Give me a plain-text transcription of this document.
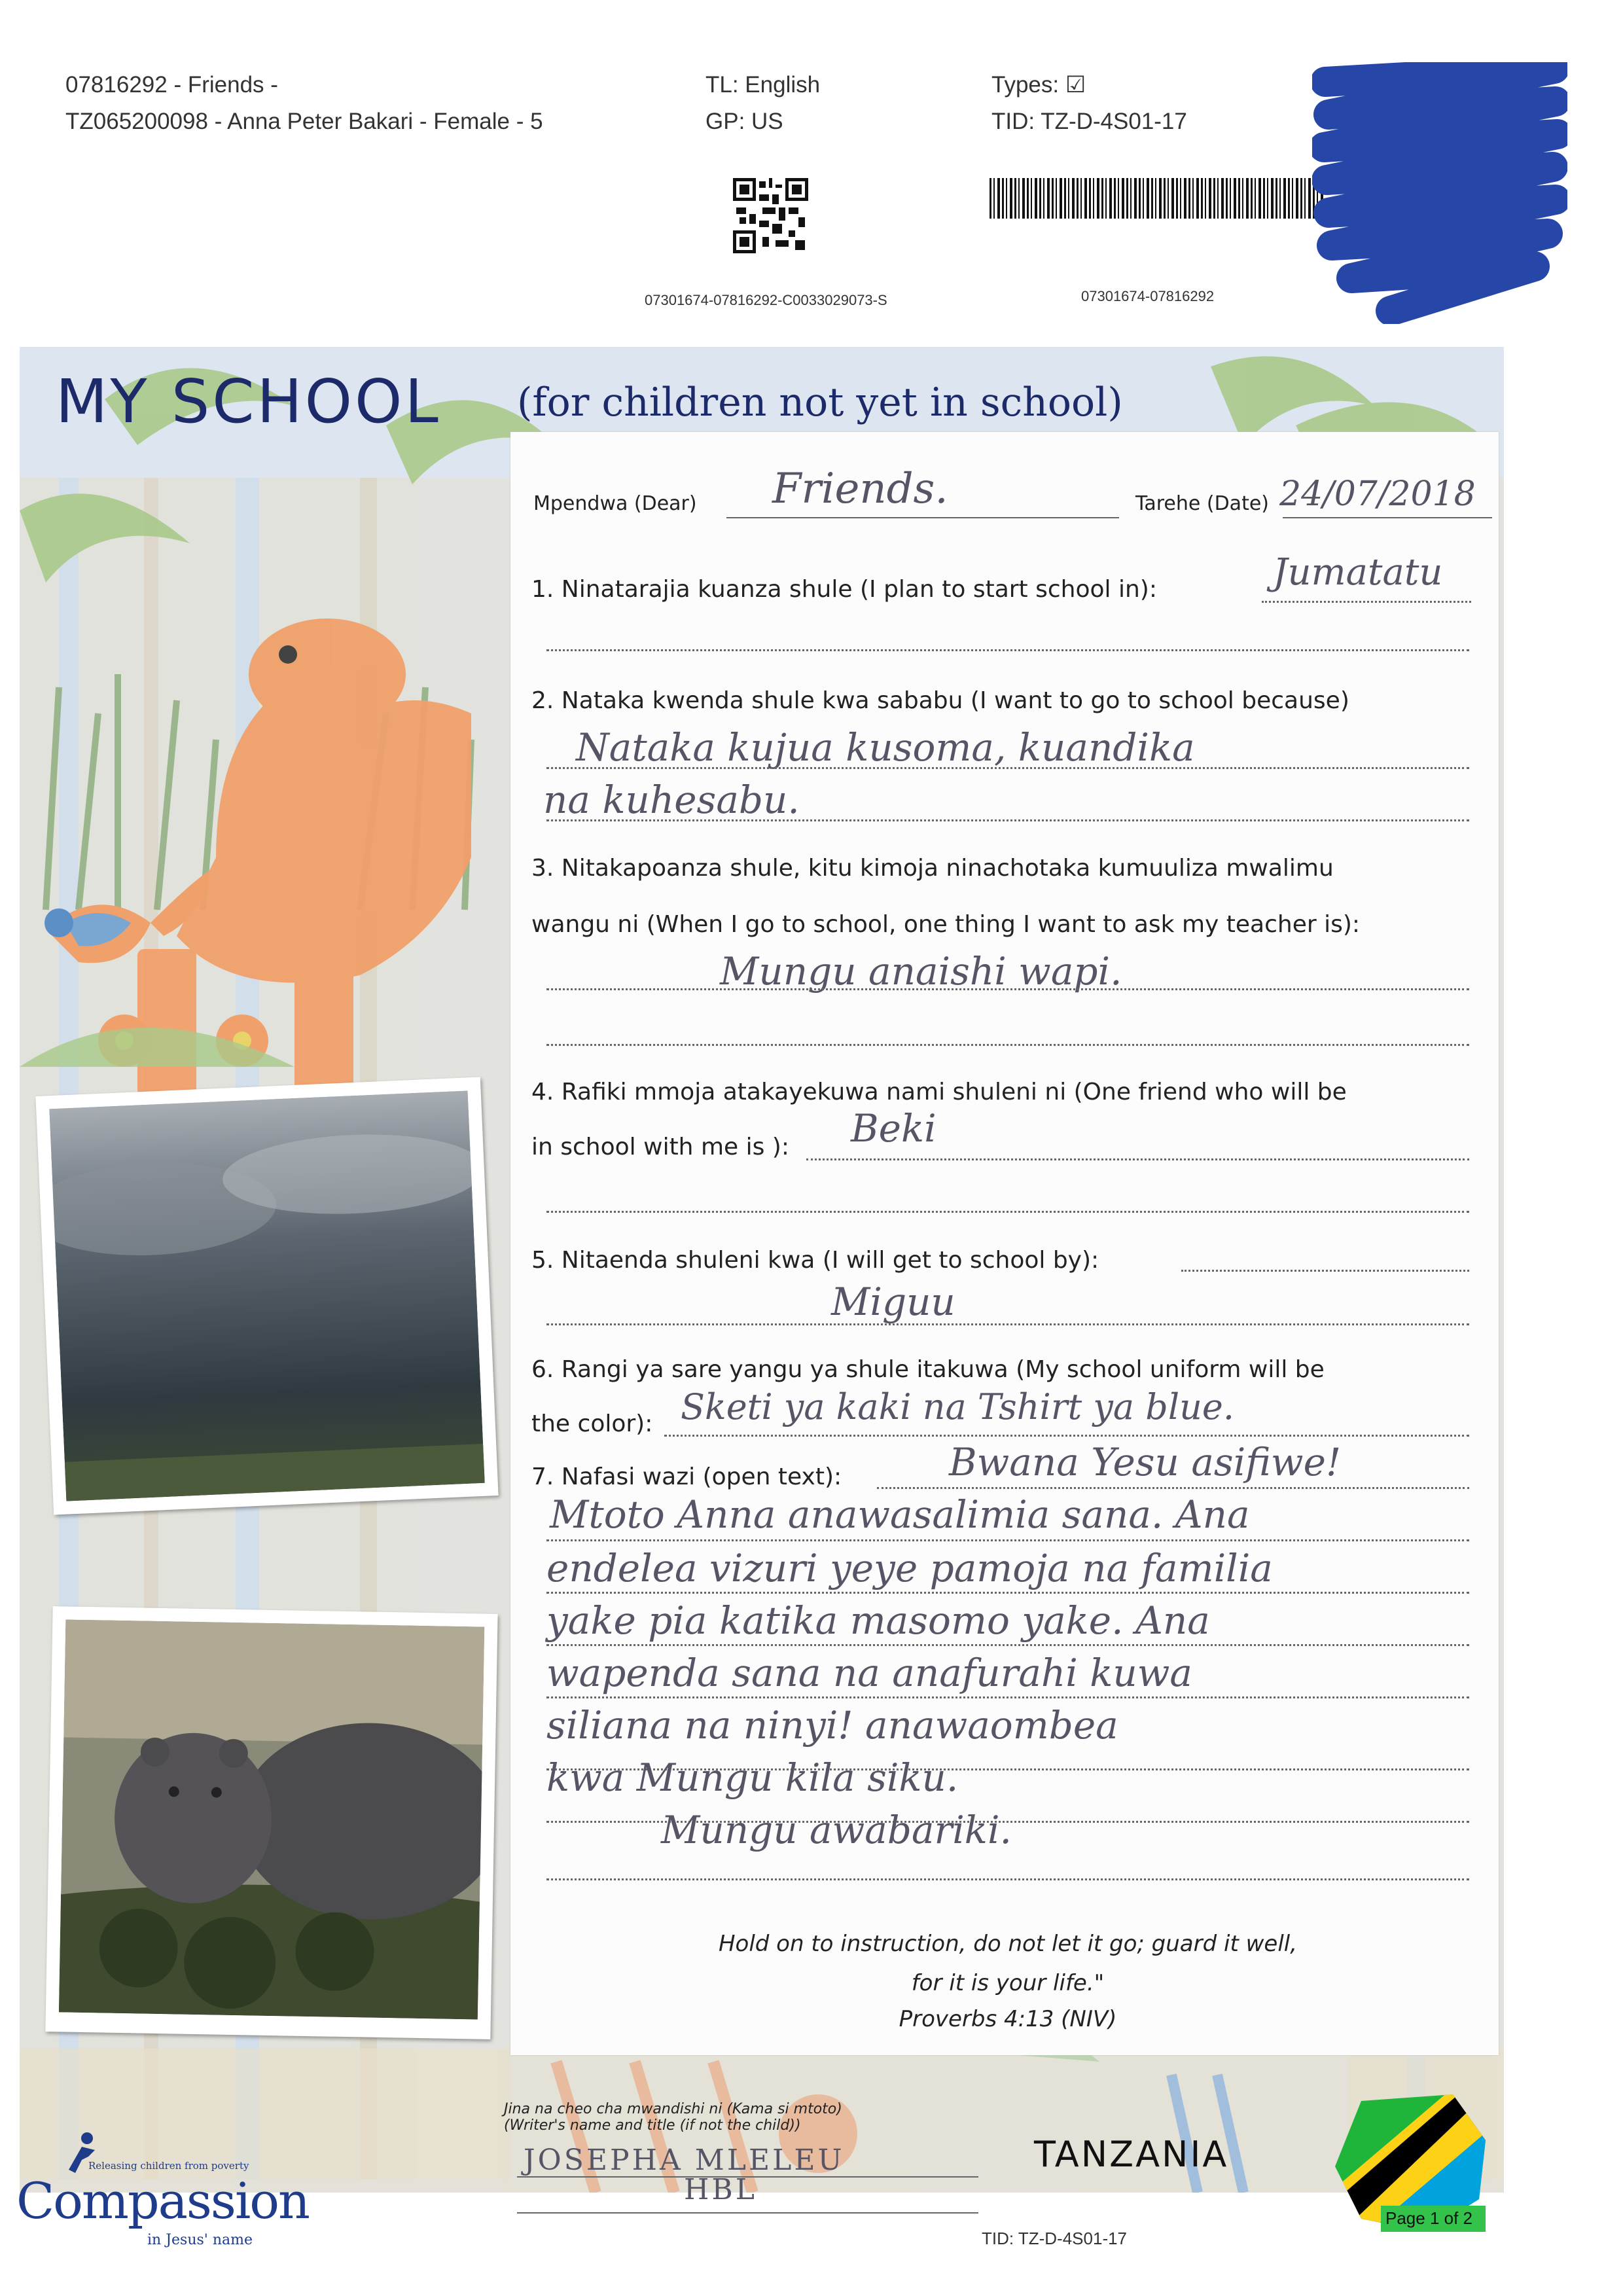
07816292 - Friends -
TZ065200098 - Anna Peter Bakari - Female - 5
TL: English
GP: US
Types: ☑
TID: TZ-D-4S01-17
07301674-07816292-C0033029073-S	07301674-07816292
MY SCHOOL (for children not yet in school)
Mpendwa (Dear) Friends.	Tarehe (Date) 24/07/2018
1. Ninatarajia kuanza shule (I plan to start school in):	Jumatatu
2. Nataka kwenda shule kwa sababu (I want to go to school because)
Nataka kujua kusoma, kuandika
na kuhesabu.
3. Nitakapoanza shule, kitu kimoja ninachotaka kumuuliza mwalimu
wangu ni (When I go to school, one thing I want to ask my teacher is):
Mungu anaishi wapi.
4. Rafiki mmoja atakayekuwa nami shuleni ni (One friend who will be
in school with me is ): Beki
5. Nitaenda shuleni kwa (I will get to school by):
Miguu
6. Rangi ya sare yangu ya shule itakuwa (My school uniform will be
the color): Sketi ya kaki na Tshirt ya blue.
7. Nafasi wazi (open text):	Bwana Yesu asifiwe!
Mtoto Anna anawasalimia sana. Ana
endelea vizuri yeye pamoja na familia
yake pia katika masomo yake. Ana
wapenda sana na anafurahi kuwa
siliana na ninyi! anawaombea
kwa Mungu kila siku.
Mungu awabariki.
Hold on to instruction, do not let it go; guard it well,
for it is your life."
Proverbs 4:13 (NIV)
Jina na cheo cha mwandishi ni (Kama si mtoto)
(Writer's name and title (if not the child))
JOSEPHA MLELEU
HBL
TANZANIA
Releasing children from poverty
Compassion
in Jesus' name	TID: TZ-D-4S01-17
Page 1 of 2
